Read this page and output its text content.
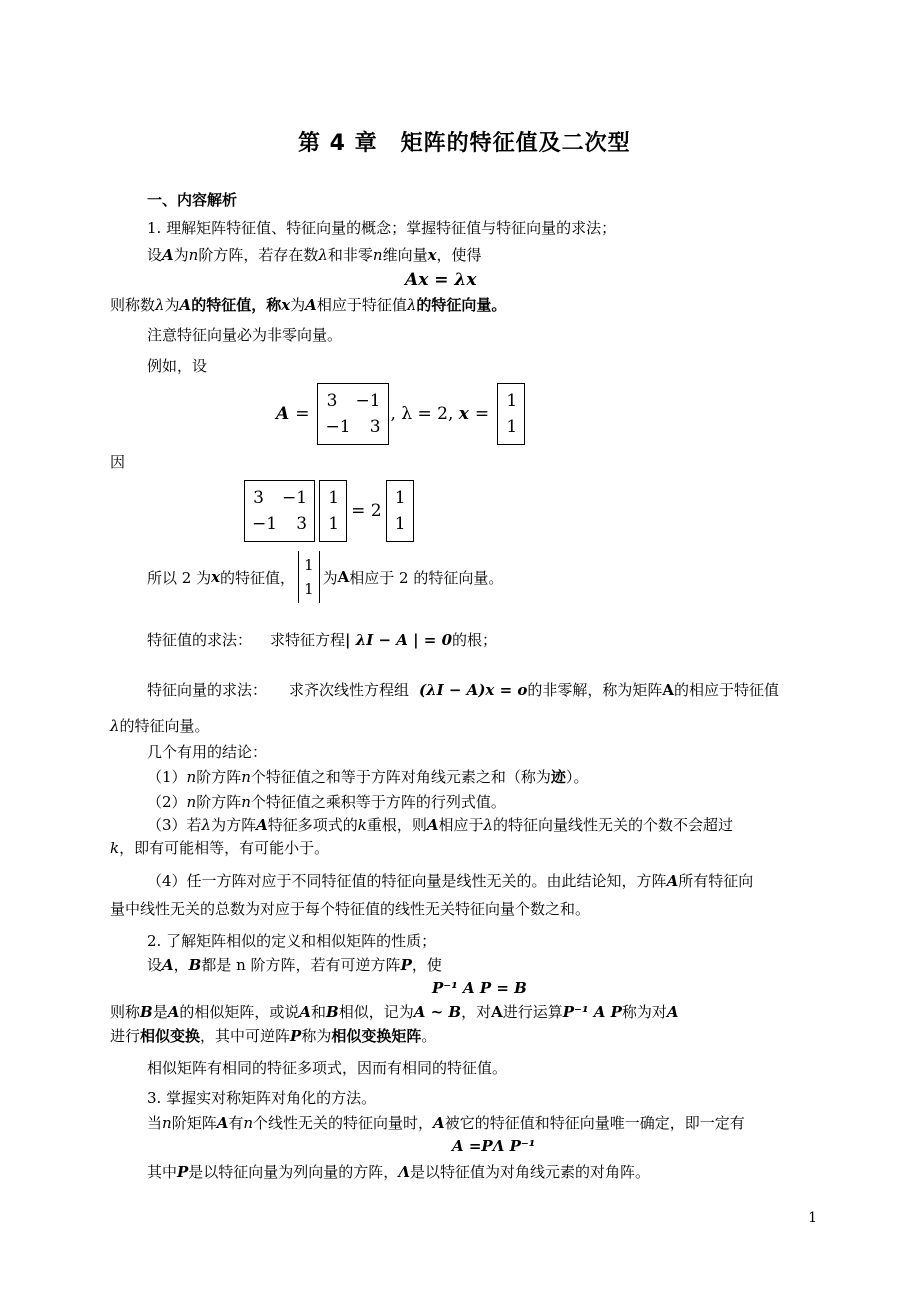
第 4 章　矩阵的特征值及二次型
一、内容解析
1. 理解矩阵特征值、特征向量的概念；掌握特征值与特征向量的求法；
设A为n阶方阵，若存在数λ和非零n维向量x，使得
Ax = λx
则称数λ为A的特征值，称x为A相应于特征值λ的特征向量。
注意特征向量必为非零向量。
例如，设
A =
3 −1
−1 3
, λ = 2, x =
1
1
因
3 −1
−1 3
1
1
= 2
1
1
所以 2 为 x 的特征值，
1
1
为 A 相应于 2 的特征向量。
特征值的求法： 求特征方程| λI − A | = 0的根；
特征向量的求法： 求齐次线性方程组 (λI − A)x = o的非零解，称为矩阵A的相应于特征值
λ的特征向量。
几个有用的结论：
（1）n阶方阵n个特征值之和等于方阵对角线元素之和（称为迹）。
（2）n阶方阵n个特征值之乘积等于方阵的行列式值。
（3）若λ为方阵A特征多项式的k重根，则A相应于λ的特征向量线性无关的个数不会超过
k，即有可能相等，有可能小于。
（4）任一方阵对应于不同特征值的特征向量是线性无关的。由此结论知，方阵A所有特征向
量中线性无关的总数为对应于每个特征值的线性无关特征向量个数之和。
2. 了解矩阵相似的定义和相似矩阵的性质；
设A，B都是 n 阶方阵，若有可逆方阵P，使
P⁻¹ A P = B
则称B是A的相似矩阵，或说A和B相似，记为A ~ B，对A进行运算P⁻¹ A P称为对A
进行相似变换，其中可逆阵P称为相似变换矩阵。
相似矩阵有相同的特征多项式，因而有相同的特征值。
3. 掌握实对称矩阵对角化的方法。
当n阶矩阵A有n个线性无关的特征向量时，A被它的特征值和特征向量唯一确定，即一定有
A =PΛ P⁻¹
其中P是以特征向量为列向量的方阵，Λ是以特征值为对角线元素的对角阵。
1
